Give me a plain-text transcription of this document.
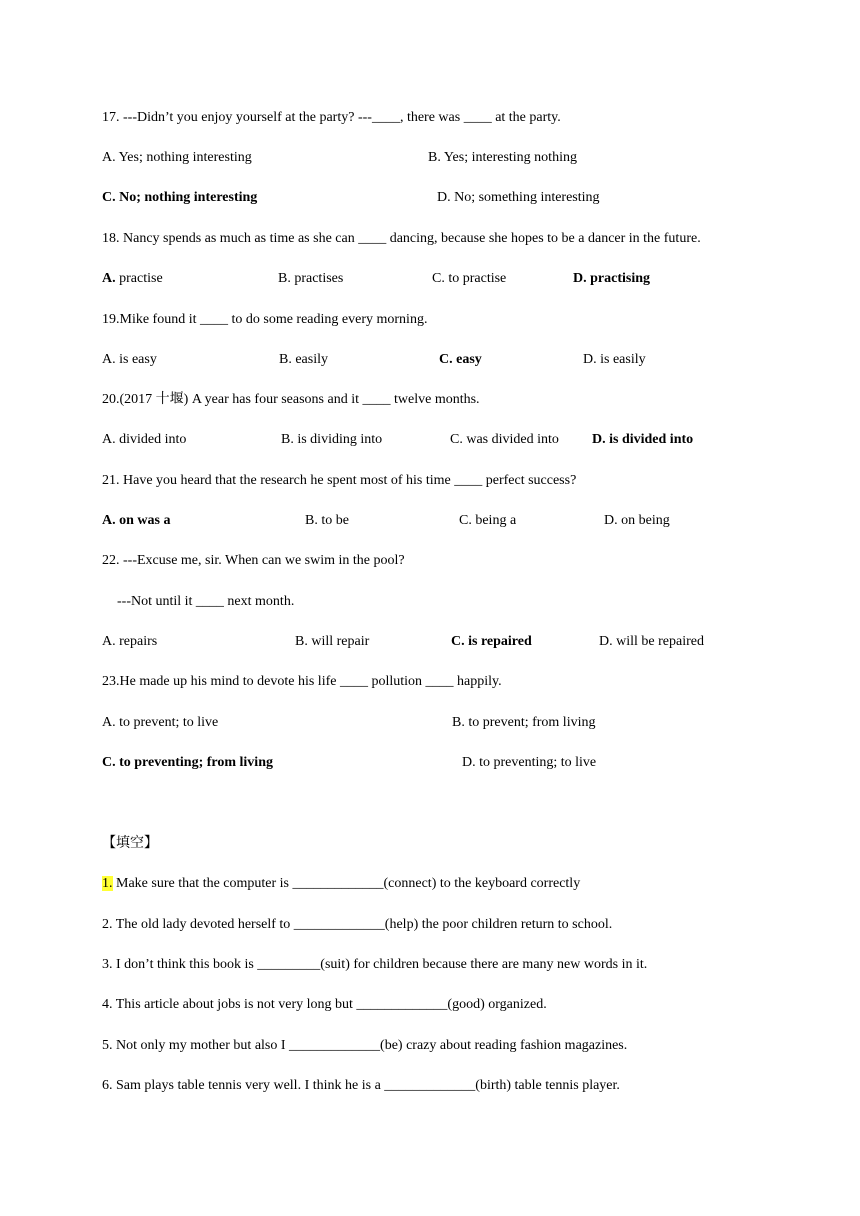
17. ---Didn’t you enjoy yourself at the party? ---____, there was ____ at the party.
A. Yes; nothing interesting	B. Yes; interesting nothing
C. No; nothing interesting	D. No; something interesting
18. Nancy spends as much as time as she can ____ dancing, because she hopes to be a dancer in the future.
A. practise	B. practises	C. to practise	D. practising
19.Mike found it ____ to do some reading every morning.
A. is easy	B. easily	C. easy	D. is easily
20.(2017 十堰) A year has four seasons and it ____ twelve months.
A. divided into	B. is dividing into	C. was divided into D. is divided into
21. Have you heard that the research he spent most of his time ____ perfect success?
A. on was a	B. to be	C. being a	D. on being
22. ---Excuse me, sir. When can we swim in the pool?
---Not until it ____ next month.
A. repairs	B. will repair	C. is repaired	D. will be repaired
23.He made up his mind to devote his life ____ pollution ____ happily.
A. to prevent; to live	B. to prevent; from living
C. to preventing; from living	D. to preventing; to live
【填空】
1. Make sure that the computer is _____________(connect) to the keyboard correctly
2. The old lady devoted herself to _____________(help) the poor children return to school.
3. I don’t think this book is _________(suit) for children because there are many new words in it.
4. This article about jobs is not very long but _____________(good) organized.
5. Not only my mother but also I _____________(be) crazy about reading fashion magazines.
6. Sam plays table tennis very well. I think he is a _____________(birth) table tennis player.
